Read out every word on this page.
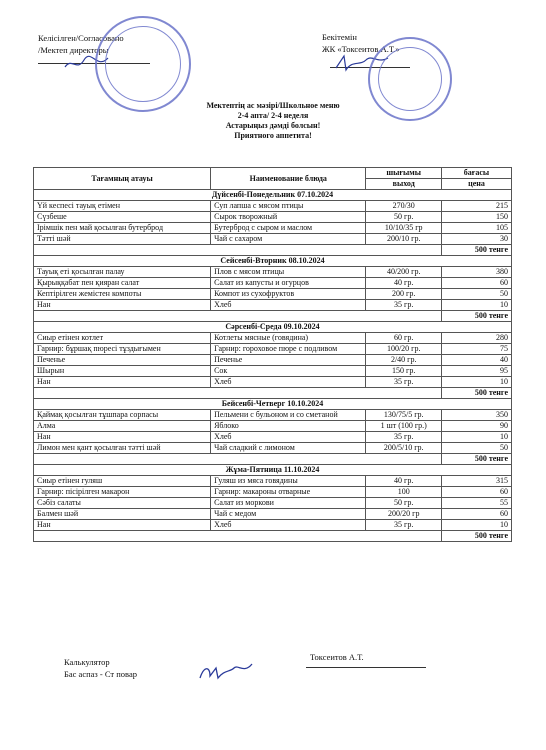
Келісілген/Согласовано
/Мектеп директоры
Бекітемін
ЖК «Токсеитов А.Т.»
Мектептің ас мәзірі/Школьное меню
2-4 апта/ 2-4 неделя
Астарыңыз дәмді болсын!
Приятного аппетита!
Тағамның атауы	Наименование блюда	шығымы	бағасы
		выход	цена
Дүйсенбі-Понедельник 07.10.2024			
Үй кеспесі тауық етімен	Суп лапша с мясом птицы	270/30	215
Сүзбеше	Сырок творожный	50 гр.	150
Ірімшік пен май қосылған бутерброд	Бутерброд с сыром и маслом	10/10/35 гр	105
Тәтті шәй	Чай с сахаром	200/10 гр.	30
			500 тенге
Сейсенбі-Вторник 08.10.2024			
Тауық еті қосылған палау	Плов с мясом птицы	40/200 гр.	380
Қырыққабат пен қияран салат	Салат из капусты и огурцов	40 гр.	60
Кептірілген жемістен компоты	Компот из сухофруктов	200 гр.	50
Нан	Хлеб	35 гр.	10
			500 тенге
Сәрсенбі-Среда 09.10.2024			
Сиыр етінен котлет	Котлеты мясные (говядина)	60 гр.	280
Гарнир: бұршақ пюресі тұздығымен	Гарнир: гороховое пюре с подливом	100/20 гр.	75
Печенье	Печенье	2/40 гр.	40
Шырын	Сок	150 гр.	95
Нан	Хлеб	35 гр.	10
			500 тенге
Бейсенбі-Четверг 10.10.2024			
Қаймақ қосылған тұшпара сорпасы	Пельмени с бульоном и со сметаной	130/75/5 гр.	350
Алма	Яблоко	1 шт (100 гр.)	90
Нан	Хлеб	35 гр.	10
Лимон мен қант қосылған тәтті шәй	Чай сладкий с лимоном	200/5/10 гр.	50
			500 тенге
Жұма-Пятница 11.10.2024			
Сиыр етінен гуляш	Гуляш из мяса говядины	40 гр.	315
Гарнир: пісірілген макарон	Гарнир: макароны отварные	100	60
Сәбіз салаты	Салат из моркови	50 гр.	55
Балмен шәй	Чай с медом	200/20 гр	60
Нан	Хлеб	35 гр.	10
			500 тенге
Калькулятор
Бас аспаз - Ст повар
Токсеитов А.Т.
